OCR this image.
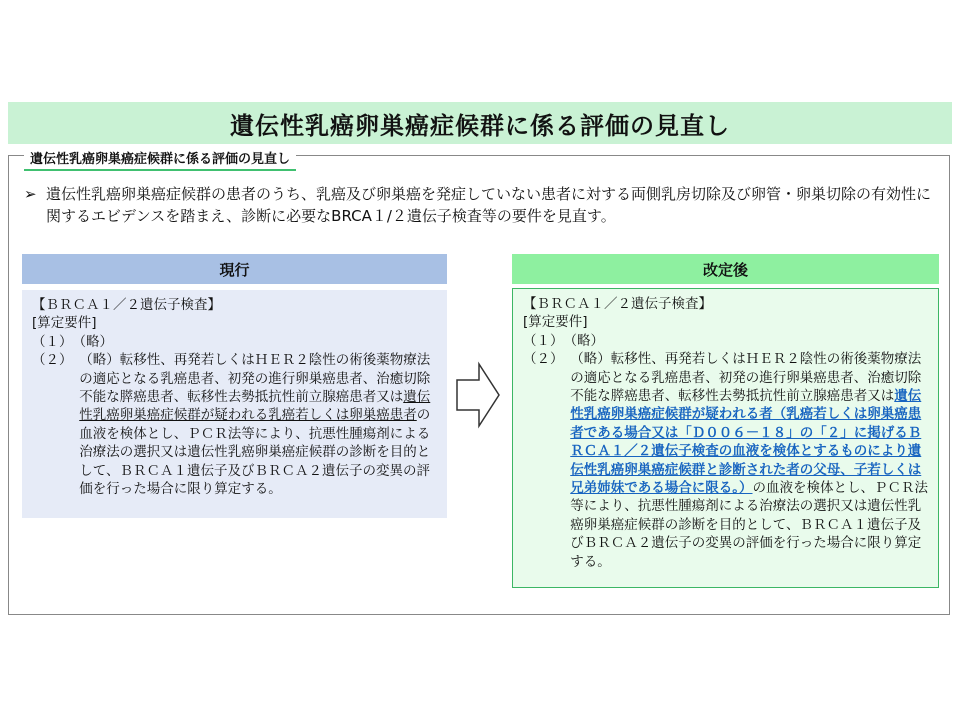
遺伝性乳癌卵巣癌症候群に係る評価の見直し
遺伝性乳癌卵巣癌症候群に係る評価の見直し
➢ 遺伝性乳癌卵巣癌症候群の患者のうち、乳癌及び卵巣癌を発症していない患者に対する両側乳房切除及び卵管・卵巣切除の有効性に関するエビデンスを踏まえ、診断に必要なBRCA１/２遺伝子検査等の要件を見直す。
現行	改定後
【ＢＲＣＡ１／２遺伝子検査】
[算定要件]
（１）　（略）
（２）　 （略）転移性、再発若しくはＨＥＲ２陰性の術後薬物療法の適応となる乳癌患者、初発の進行卵巣癌患者、治癒切除不能な膵癌患者、転移性去勢抵抗性前立腺癌患者又は遺伝性乳癌卵巣癌症候群が疑われる乳癌若しくは卵巣癌患者の血液を検体とし、ＰＣＲ法等により、抗悪性腫瘍剤による治療法の選択又は遺伝性乳癌卵巣癌症候群の診断を目的として、ＢＲＣＡ１遺伝子及びＢＲＣＡ２遺伝子の変異の評価を行った場合に限り算定する。
【ＢＲＣＡ１／２遺伝子検査】
[算定要件]
（１）　（略）
（２）　 （略）転移性、再発若しくはＨＥＲ２陰性の術後薬物療法の適応となる乳癌患者、初発の進行卵巣癌患者、治癒切除不能な膵癌患者、転移性去勢抵抗性前立腺癌患者又は遺伝性乳癌卵巣癌症候群が疑われる者（乳癌若しくは卵巣癌患者である場合又は「Ｄ００６－１８」の「２」に掲げるＢＲＣＡ１／２遺伝子検査の血液を検体とするものにより遺伝性乳癌卵巣癌症候群と診断された者の父母、子若しくは兄弟姉妹である場合に限る。）の血液を検体とし、ＰＣＲ法等により、抗悪性腫瘍剤による治療法の選択又は遺伝性乳癌卵巣癌症候群の診断を目的として、ＢＲＣＡ１遺伝子及びＢＲＣＡ２遺伝子の変異の評価を行った場合に限り算定する。
